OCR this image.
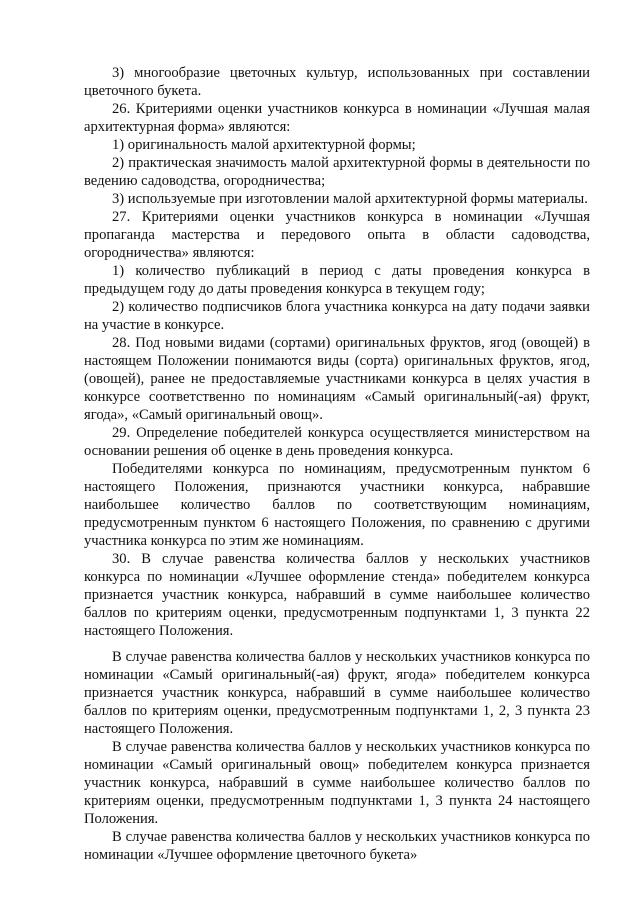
3) многообразие цветочных культур, использованных при составлении цветочного букета.

26. Критериями оценки участников конкурса в номинации «Лучшая малая архитектурная форма» являются:

1) оригинальность малой архитектурной формы;

2) практическая значимость малой архитектурной формы в деятельности по ведению садоводства, огородничества;

3) используемые при изготовлении малой архитектурной формы материалы.

27. Критериями оценки участников конкурса в номинации «Лучшая пропаганда мастерства и передового опыта в области садоводства, огородничества» являются:

1) количество публикаций в период с даты проведения конкурса в предыдущем году до даты проведения конкурса в текущем году;

2) количество подписчиков блога участника конкурса на дату подачи заявки на участие в конкурсе.

28. Под новыми видами (сортами) оригинальных фруктов, ягод (овощей) в настоящем Положении понимаются виды (сорта) оригинальных фруктов, ягод, (овощей), ранее не предоставляемые участниками конкурса в целях участия в конкурсе соответственно по номинациям «Самый оригинальный(-ая) фрукт, ягода», «Самый оригинальный овощ».

29. Определение победителей конкурса осуществляется министерством на основании решения об оценке в день проведения конкурса.

Победителями конкурса по номинациям, предусмотренным пунктом 6 настоящего Положения, признаются участники конкурса, набравшие наибольшее количество баллов по соответствующим номинациям, предусмотренным пунктом 6 настоящего Положения, по сравнению с другими участника конкурса по этим же номинациям.

30. В случае равенства количества баллов у нескольких участников конкурса по номинации «Лучшее оформление стенда» победителем конкурса признается участник конкурса, набравший в сумме наибольшее количество баллов по критериям оценки, предусмотренным подпунктами 1, 3 пункта 22 настоящего Положения.

В случае равенства количества баллов у нескольких участников конкурса по номинации «Самый оригинальный(-ая) фрукт, ягода» победителем конкурса признается участник конкурса, набравший в сумме наибольшее количество баллов по критериям оценки, предусмотренным подпунктами 1, 2, 3 пункта 23 настоящего Положения.

В случае равенства количества баллов у нескольких участников конкурса по номинации «Самый оригинальный овощ» победителем конкурса признается участник конкурса, набравший в сумме наибольшее количество баллов по критериям оценки, предусмотренным подпунктами 1, 3 пункта 24 настоящего Положения.

В случае равенства количества баллов у нескольких участников конкурса по номинации «Лучшее оформление цветочного букета»
